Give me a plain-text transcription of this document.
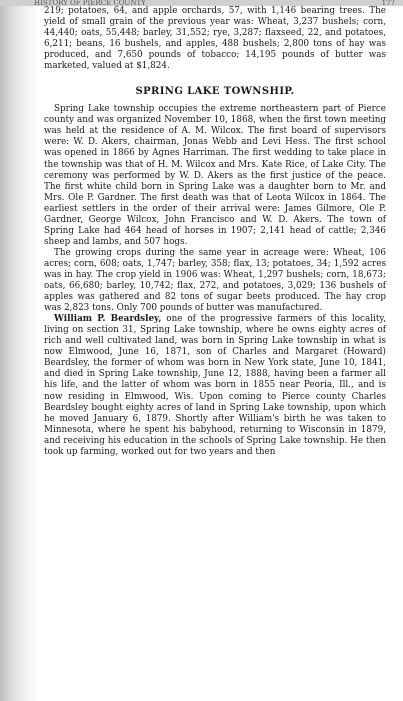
HISTORY OF PIERCE COUNTY	177

219; potatoes, 64, and apple orchards, 57, with 1,146 bearing trees. The yield of small grain of the previous year was: Wheat, 3,237 bushels; corn, 44,440; oats, 55,448; barley, 31,552; rye, 3,287; flaxseed, 22, and potatoes, 6,211; beans, 16 bushels, and apples, 488 bushels; 2,800 tons of hay was produced, and 7,650 pounds of tobacco; 14,195 pounds of butter was marketed, valued at $1,824.

SPRING LAKE TOWNSHIP.

Spring Lake township occupies the extreme northeastern part of Pierce county and was organized November 10, 1868, when the first town meeting was held at the residence of A. M. Wilcox. The first board of supervisors were: W. D. Akers, chairman, Jonas Webb and Levi Hess. The first school was opened in 1866 by Agnes Harriman. The first wedding to take place in the township was that of H. M. Wilcox and Mrs. Kate Rice, of Lake City. The ceremony was performed by W. D. Akers as the first justice of the peace. The first white child born in Spring Lake was a daughter born to Mr. and Mrs. Ole P. Gardner. The first death was that of Leota Wilcox in 1864. The earliest settlers in the order of their arrival were: James Gilmore, Ole P. Gardner, George Wilcox, John Francisco and W. D. Akers. The town of Spring Lake had 464 head of horses in 1907; 2,141 head of cattle; 2,346 sheep and lambs, and 507 hogs.

The growing crops during the same year in acreage were: Wheat, 106 acres; corn, 608; oats, 1,747; barley, 358; flax, 13; potatoes, 34; 1,592 acres was in hay. The crop yield in 1906 was: Wheat, 1,297 bushels; corn, 18,673; oats, 66,680; barley, 10,742; flax, 272, and potatoes, 3,029; 136 bushels of apples was gathered and 82 tons of sugar beets produced. The hay crop was 2,823 tons. Only 700 pounds of butter was manufactured.

William P. Beardsley, one of the progressive farmers of this locality, living on section 31, Spring Lake township, where he owns eighty acres of rich and well cultivated land, was born in Spring Lake township in what is now Elmwood, June 16, 1871, son of Charles and Margaret (Howard) Beardsley, the former of whom was born in New York state, June 10, 1841, and died in Spring Lake township, June 12, 1888, having been a farmer all his life, and the latter of whom was born in 1855 near Peoria, Ill., and is now residing in Elmwood, Wis. Upon coming to Pierce county Charles Beardsley bought eighty acres of land in Spring Lake township, upon which he moved January 6, 1879. Shortly after William's birth he was taken to Minnesota, where he spent his babyhood, returning to Wisconsin in 1879, and receiving his education in the schools of Spring Lake township. He then took up farming, worked out for two years and then
